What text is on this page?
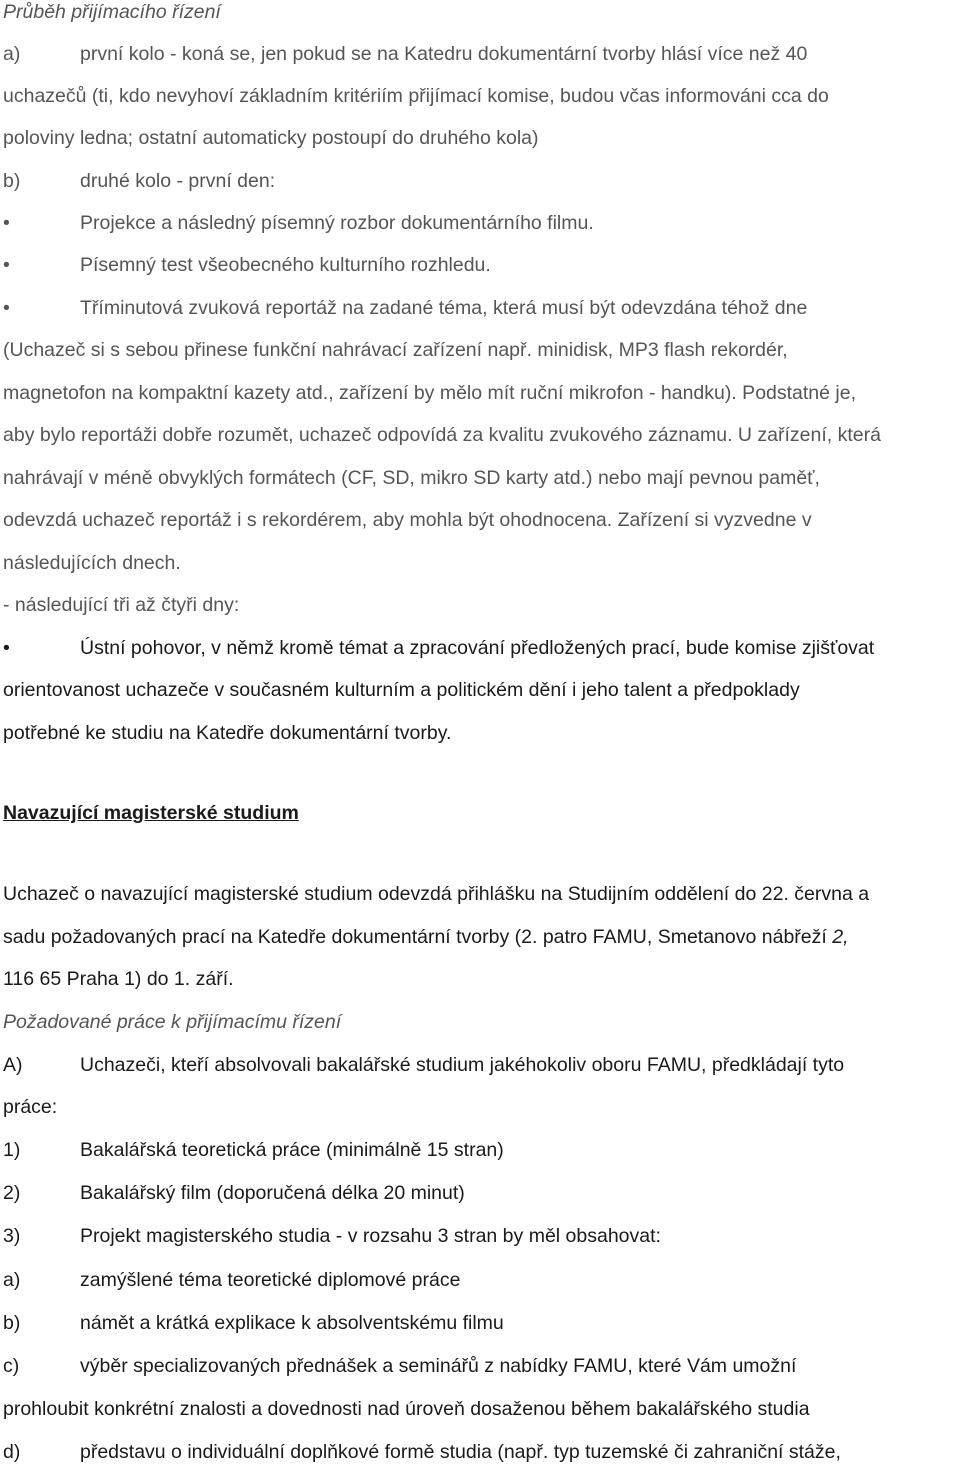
Průběh přijímacího řízení
a)	první kolo - koná se, jen pokud se na Katedru dokumentární tvorby hlásí více než 40
uchazečů (ti, kdo nevyhoví základním kritériím přijímací komise, budou včas informováni cca do
poloviny ledna; ostatní automaticky postoupí do druhého kola)
b)	druhé kolo - první den:
•	Projekce a následný písemný rozbor dokumentárního filmu.
•	Písemný test všeobecného kulturního rozhledu.
•	Tříminutová zvuková reportáž na zadané téma, která musí být odevzdána téhož dne
(Uchazeč si s sebou přinese funkční nahrávací zařízení např. minidisk, MP3 flash rekordér,
magnetofon na kompaktní kazety atd., zařízení by mělo mít ruční mikrofon - handku). Podstatné je,
aby bylo reportáži dobře rozumět, uchazeč odpovídá za kvalitu zvukového záznamu. U zařízení, která
nahrávají v méně obvyklých formátech (CF, SD, mikro SD karty atd.) nebo mají pevnou paměť,
odevzdá uchazeč reportáž i s rekordérem, aby mohla být ohodnocena. Zařízení si vyzvedne v
následujících dnech.
- následující tři až čtyři dny:
•	Ústní pohovor, v němž kromě témat a zpracování předložených prací, bude komise zjišťovat
orientovanost uchazeče v současném kulturním a politickém dění i jeho talent a předpoklady
potřebné ke studiu na Katedře dokumentární tvorby.
Navazující magisterské studium
Uchazeč o navazující magisterské studium odevzdá přihlášku na Studijním oddělení do 22. června a
sadu požadovaných prací na Katedře dokumentární tvorby (2. patro FAMU, Smetanovo nábřeží 2,
116 65 Praha 1) do 1. září.
Požadované práce k přijímacímu řízení
A)	Uchazeči, kteří absolvovali bakalářské studium jakéhokoliv oboru FAMU, předkládají tyto
práce:
1)	Bakalářská teoretická práce (minimálně 15 stran)
2)	Bakalářský film (doporučená délka 20 minut)
3)	Projekt magisterského studia - v rozsahu 3 stran by měl obsahovat:
a)	zamýšlené téma teoretické diplomové práce
b)	námět a krátká explikace k absolventskému filmu
c)	výběr specializovaných přednášek a seminářů z nabídky FAMU, které Vám umožní
prohloubit konkrétní znalosti a dovednosti nad úroveň dosaženou během bakalářského studia
d)	představu o individuální doplňkové formě studia (např. typ tuzemské či zahraniční stáže,
